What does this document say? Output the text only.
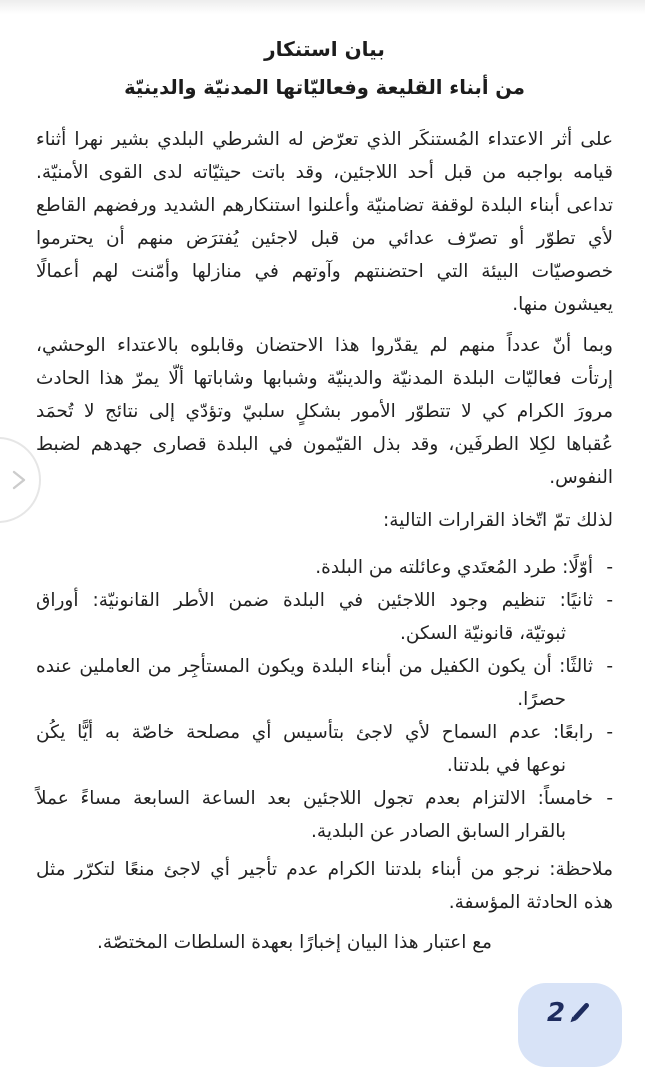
بيان استنكار
من أبناء القليعة وفعاليّاتها المدنيّة والدينيّة
على أثر الاعتداء المُستنكَر الذي تعرّض له الشرطي البلدي بشير نهرا أثناء
قيامه بواجبه من قبل أحد اللاجئين، وقد باتت حيثيّاته لدى القوى الأمنيّة.
تداعى أبناء البلدة لوقفة تضامنيّة وأعلنوا استنكارهم الشديد ورفضهم القاطع
لأي تطوّر أو تصرّف عدائي من قبل لاجئين يُفترَض منهم أن يحترموا
خصوصيّات البيئة التي احتضنتهم وآوتهم في منازلها وأمّنت لهم أعمالًا
يعيشون منها.
وبما أنّ عدداً منهم لم يقدّروا هذا الاحتضان وقابلوه بالاعتداء الوحشي،
إرتأت فعاليّات البلدة المدنيّة والدينيّة وشبابها وشاباتها ألّا يمرّ هذا الحادث
مرورَ الكرام كي لا تتطوّر الأمور بشكلٍ سلبيّ وتؤدّي إلى نتائج لا تُحمَد
عُقباها لكِلا الطرفَين، وقد بذل القيّمون في البلدة قصارى جهدهم لضبط
النفوس.
لذلك تمّ اتّخاذ القرارات التالية:
-
أوّلًا: طرد المُعتَدي وعائلته من البلدة.
-
ثانيًا: تنظيم وجود اللاجئين في البلدة ضمن الأطر القانونيّة: أوراق
ثبوتيّة، قانونيّة السكن.
-
ثالثًا: أن يكون الكفيل من أبناء البلدة ويكون المستأجِر من العاملين عنده
حصرًا.
-
رابعًا: عدم السماح لأي لاجئ بتأسيس أي مصلحة خاصّة به أيًّا يكُن
نوعها في بلدتنا.
-
خامساً: الالتزام بعدم تجول اللاجئين بعد الساعة السابعة مساءً عملاً
بالقرار السابق الصادر عن البلدية.
ملاحظة: نرجو من أبناء بلدتنا الكرام عدم تأجير أي لاجئ منعًا لتكرّر مثل
هذه الحادثة المؤسفة.
مع اعتبار هذا البيان إخبارًا بعهدة السلطات المختصّة.
2
